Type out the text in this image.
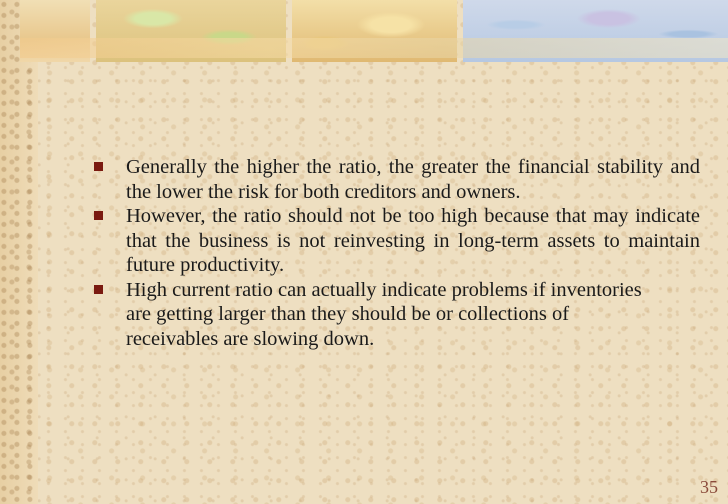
Generally the higher the ratio, the greater the financial stability and the lower the risk for both creditors and owners.

However, the ratio should not be too high because that may indicate that the business is not reinvesting in long-term assets to maintain future productivity.

High current ratio can actually indicate problems if inventories are getting larger than they should be or collections of receivables are slowing down.

35
